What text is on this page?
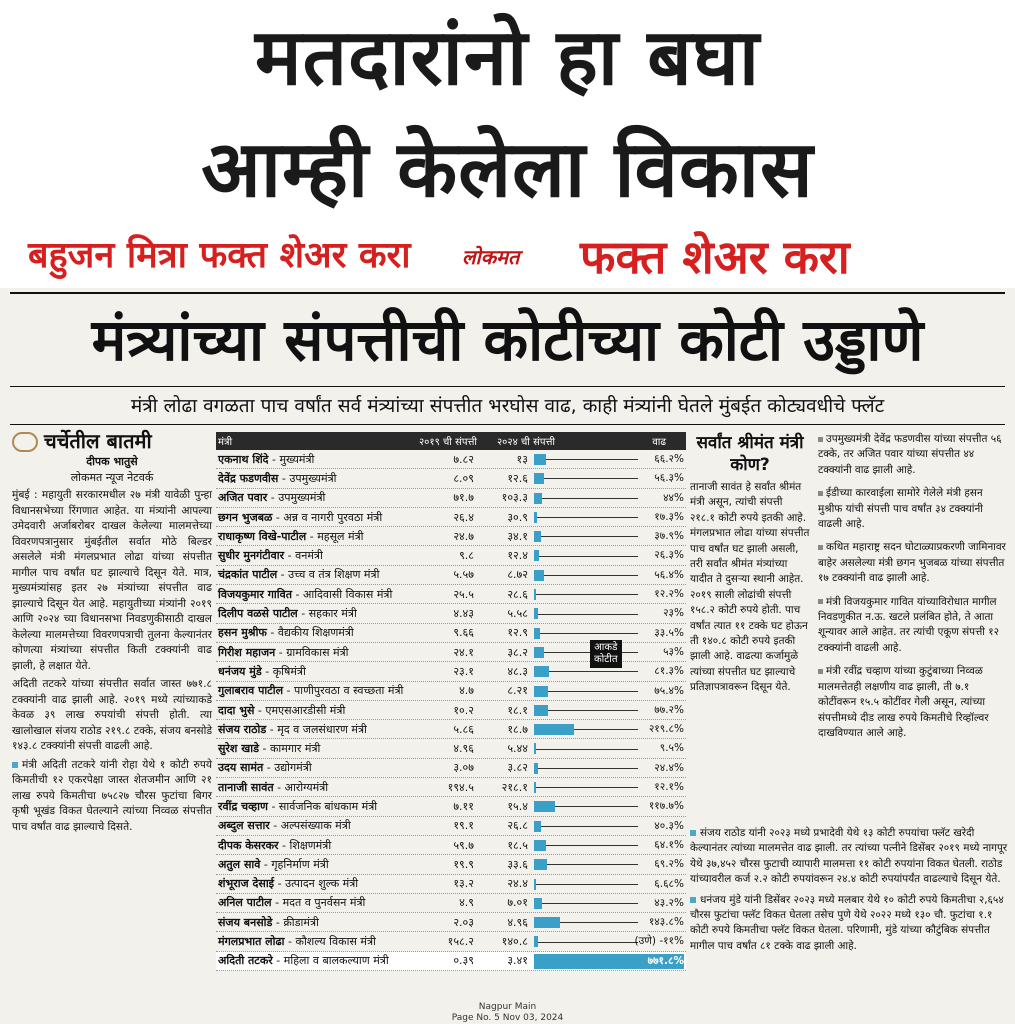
मतदारांनो हा बघा
आम्ही केलेला विकास
बहुजन मित्रा फक्त शेअर करा	लोकमत फक्त शेअर करा
मंत्र्यांच्या संपत्तीची कोटीच्या कोटी उड्डाणे
मंत्री लोढा वगळता पाच वर्षांत सर्व मंत्र्यांच्या संपत्तीत भरघोस वाढ, काही मंत्र्यांनी घेतले मुंबईत कोट्यवधीचे फ्लॅट
चर्चेतील बातमी
दीपक भातुसे
लोकमत न्यूज नेटवर्क

मुंबई : महायुती सरकारमधील २७ मंत्री यावेळी पुन्हा विधानसभेच्या रिंगणात आहेत. या मंत्र्यांनी आपल्या उमेदवारी अर्जाबरोबर दाखल केलेल्या मालमत्तेच्या विवरणपत्रानुसार मुंबईतील सर्वात मोठे बिल्डर असलेले मंत्री मंगलप्रभात लोढा यांच्या संपत्तीत मागील पाच वर्षांत घट झाल्याचे दिसून येते. मात्र, मुख्यमंत्र्यांसह इतर २७ मंत्र्यांच्या संपत्तीत वाढ झाल्याचे दिसून येत आहे. महायुतीच्या मंत्र्यांनी २०१९ आणि २०२४ च्या विधानसभा निवडणुकीसाठी दाखल केलेल्या मालमत्तेच्या विवरणपत्राची तुलना केल्यानंतर कोणत्या मंत्र्यांच्या संपत्तीत किती टक्क्यांनी वाढ झाली, हे लक्षात येते.

अदिती तटकरे यांच्या संपत्तीत सर्वात जास्त ७७१.८ टक्क्यांनी वाढ झाली आहे. २०१९ मध्ये त्यांच्याकडे केवळ ३९ लाख रुपयांची संपत्ती होती. त्या खालोखाल संजय राठोड २१९.८ टक्के, संजय बनसोडे १४३.८ टक्क्यांनी संपत्ती वाढली आहे.

मंत्री अदिती तटकरे यांनी रोहा येथे १ कोटी रुपये किमतीची १२ एकरपेक्षा जास्त शेतजमीन आणि २१ लाख रुपये किमतीचा ७५८२७ चौरस फुटांचा बिगर कृषी भूखंड विकत घेतल्याने त्यांच्या निव्वळ संपत्तीत पाच वर्षांत वाढ झाल्याचे दिसते.

मंत्री	२०१९ ची संपत्ती	२०२४ ची संपत्ती	वाढ
एकनाथ शिंदे - मुख्यमंत्री	७.८२	१३	६६.२%
देवेंद्र फडणवीस - उपमुख्यमंत्री	८.०९	१२.६	५६.३%
अजित पवार - उपमुख्यमंत्री	७१.७	१०३.३	४४%
छगन भुजबळ - अन्न व नागरी पुरवठा मंत्री	२६.४	३०.९	१७.३%
राधाकृष्ण विखे-पाटील - महसूल मंत्री	२४.७	३४.१	३७.९%
सुधीर मुनगंटीवार - वनमंत्री	९.८	१२.४	२६.३%
चंद्रकांत पाटील - उच्च व तंत्र शिक्षण मंत्री	५.५७	८.७२	५६.४%
विजयकुमार गावित - आदिवासी विकास मंत्री	२५.५	२८.६	१२.२%
दिलीप वळसे पाटील - सहकार मंत्री	४.४३	५.५८	२३%
हसन मुश्रीफ - वैद्यकीय शिक्षणमंत्री	९.६६	१२.९	३३.५%
गिरीश महाजन - ग्रामविकास मंत्री	२४.१	३८.२	५३%
धनंजय मुंडे - कृषिमंत्री	२३.१	४८.३	८१.३%
गुलाबराव पाटील - पाणीपुरवठा व स्वच्छता मंत्री	४.७	८.२१	७५.४%
दादा भुसे - एमएसआरडीसी मंत्री	१०.२	१८.१	७७.२%
संजय राठोड - मृद व जलसंधारण मंत्री	५.८६	१८.७	२१९.८%
सुरेश खाडे - कामगार मंत्री	४.९६	५.४४	९.५%
उदय सामंत - उद्योगमंत्री	३.०७	३.८२	२४.४%
तानाजी सावंत - आरोग्यमंत्री	१९४.५	२१८.१	१२.१%
रवींद्र चव्हाण - सार्वजनिक बांधकाम मंत्री	७.११	१५.४	११७.७%
अब्दुल सत्तार - अल्पसंख्याक मंत्री	१९.१	२६.८	४०.३%
दीपक केसरकर - शिक्षणमंत्री	५९.७	१८.५	६४.१%
अतुल सावे - गृहनिर्माण मंत्री	१९.९	३३.६	६९.२%
शंभूराज देसाई - उत्पादन शुल्क मंत्री	१३.२	२४.४	६.६८%
अनिल पाटील - मदत व पुनर्वसन मंत्री	४.९	७.०१	४३.२%
संजय बनसोडे - क्रीडामंत्री	२.०३	४.९६	१४३.८%
मंगलप्रभात लोढा - कौशल्य विकास मंत्री	१५८.२	१४०.८	(उणे) -११%
अदिती तटकरे - महिला व बालकल्याण मंत्री	०.३९	३.४१	७७१.८%
आकडे
कोटीत
सर्वांत श्रीमंत मंत्री कोण?
तानाजी सावंत हे सर्वांत श्रीमंत मंत्री असून, त्यांची संपत्ती २१८.१ कोटी रुपये इतकी आहे. मंगलप्रभात लोढा यांच्या संपत्तीत पाच वर्षांत घट झाली असली, तरी सर्वांत श्रीमंत मंत्र्यांच्या यादीत ते दुसऱ्या स्थानी आहेत. २०१९ साली लोढांची संपत्ती १५८.२ कोटी रुपये होती. पाच वर्षांत त्यात ११ टक्के घट होऊन ती १४०.८ कोटी रुपये इतकी झाली आहे. वाढत्या कर्जामुळे त्यांच्या संपत्तीत घट झाल्याचे प्रतिज्ञापत्रावरून दिसून येते.

उपमुख्यमंत्री देवेंद्र फडणवीस यांच्या संपत्तीत ५६ टक्के, तर अजित पवार यांच्या संपत्तीत ४४ टक्क्यांनी वाढ झाली आहे.

ईडीच्या कारवाईला सामोरे गेलेले मंत्री हसन मुश्रीफ यांची संपत्ती पाच वर्षांत ३४ टक्क्यांनी वाढली आहे.

कथित महाराष्ट्र सदन घोटाळ्याप्रकरणी जामिनावर बाहेर असलेल्या मंत्री छगन भुजबळ यांच्या संपत्तीत १७ टक्क्यांनी वाढ झाली आहे.

मंत्री विजयकुमार गावित यांच्याविरोधात मागील निवडणुकीत न.ऊ. खटले प्रलंबित होते, ते आता शून्यावर आले आहेत. तर त्यांची एकूण संपत्ती १२ टक्क्यांनी वाढली आहे.

मंत्री रवींद्र चव्हाण यांच्या कुटुंबाच्या निव्वळ मालमत्तेतही लक्षणीय वाढ झाली, ती ७.१ कोटींवरून १५.५ कोटींवर गेली असून, त्यांच्या संपत्तीमध्ये दीड लाख रुपये किमतीचे रिव्हॉल्वर दाखविण्यात आले आहे.

संजय राठोड यांनी २०२३ मध्ये प्रभादेवी येथे १३ कोटी रुपयांचा फ्लॅट खरेदी केल्यानंतर त्यांच्या मालमत्तेत वाढ झाली. तर त्यांच्या पत्नीने डिसेंबर २०१९ मध्ये नागपूर येथे ३७,४५२ चौरस फुटाची व्यापारी मालमत्ता ११ कोटी रुपयांना विकत घेतली. राठोड यांच्यावरील कर्ज २.२ कोटी रुपयांवरून २४.४ कोटी रुपयांपर्यंत वाढल्याचे दिसून येते.

धनंजय मुंडे यांनी डिसेंबर २०२३ मध्ये मलबार येथे १० कोटी रुपये किमतीचा २,६५४ चौरस फुटांचा फ्लॅट विकत घेतला तसेच पुणे येथे २०२२ मध्ये १३० चौ. फुटांचा १.१ कोटी रुपये किमतीचा फ्लॅट विकत घेतला. परिणामी, मुंडे यांच्या कौटुंबिक संपत्तीत मागील पाच वर्षांत ८१ टक्के वाढ झाली आहे.

Nagpur Main
Page No. 5 Nov 03, 2024
